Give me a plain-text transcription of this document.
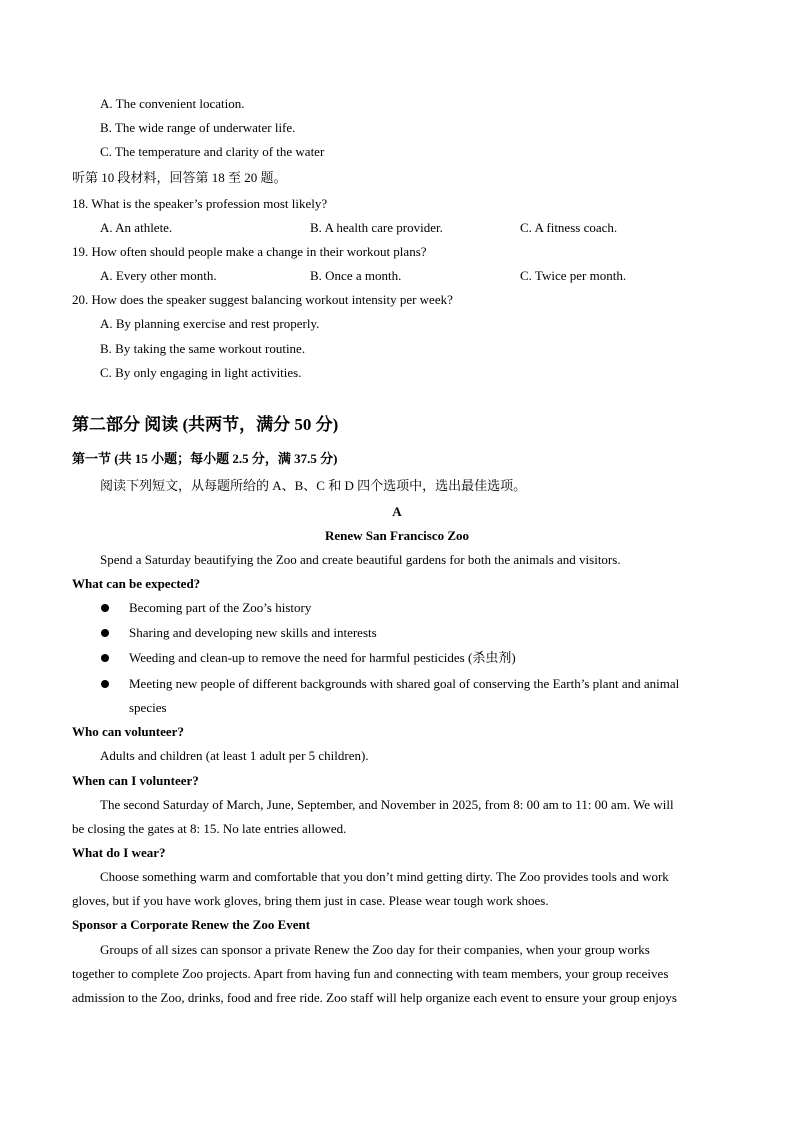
A. The convenient location.
B. The wide range of underwater life.
C. The temperature and clarity of the water
听第 10 段材料，回答第 18 至 20 题。
18. What is the speaker’s profession most likely?
A. An athlete.	B. A health care provider.	C. A fitness coach.
19. How often should people make a change in their workout plans?
A. Every other month.	B. Once a month.	C. Twice per month.
20. How does the speaker suggest balancing workout intensity per week?
A. By planning exercise and rest properly.
B. By taking the same workout routine.
C. By only engaging in light activities.
第二部分 阅读 (共两节，满分 50 分)
第一节 (共 15 小题；每小题 2.5 分，满 37.5 分)
阅读下列短文，从每题所给的 A、B、C 和 D 四个选项中，选出最佳选项。
A
Renew San Francisco Zoo
Spend a Saturday beautifying the Zoo and create beautiful gardens for both the animals and visitors.
What can be expected?
Becoming part of the Zoo’s history
Sharing and developing new skills and interests
Weeding and clean-up to remove the need for harmful pesticides (杀虫剂)
Meeting new people of different backgrounds with shared goal of conserving the Earth’s plant and animal
species
Who can volunteer?
Adults and children (at least 1 adult per 5 children).
When can I volunteer?
The second Saturday of March, June, September, and November in 2025, from 8: 00 am to 11: 00 am. We will
be closing the gates at 8: 15. No late entries allowed.
What do I wear?
Choose something warm and comfortable that you don’t mind getting dirty. The Zoo provides tools and work
gloves, but if you have work gloves, bring them just in case. Please wear tough work shoes.
Sponsor a Corporate Renew the Zoo Event
Groups of all sizes can sponsor a private Renew the Zoo day for their companies, when your group works
together to complete Zoo projects. Apart from having fun and connecting with team members, your group receives
admission to the Zoo, drinks, food and free ride. Zoo staff will help organize each event to ensure your group enjoys
